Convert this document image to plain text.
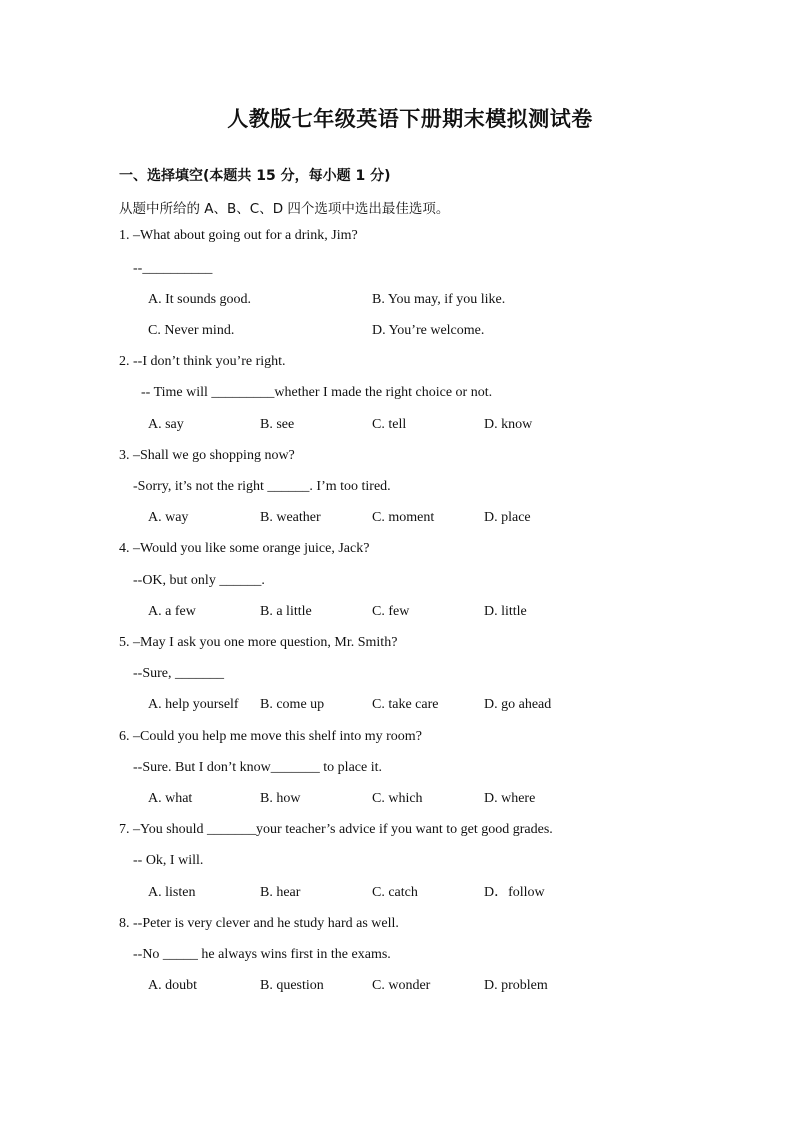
人教版七年级英语下册期末模拟测试卷
一、选择填空(本题共 15 分，每小题 1 分)
从题中所给的 A、B、C、D 四个选项中选出最佳选项。
1. –What about going out for a drink, Jim?
--__________
A. It sounds good.	B. You may, if you like.
C. Never mind.	D. You’re welcome.
2. --I don’t think you’re right.
-- Time will _________whether I made the right choice or not.
A. say	B. see	C. tell	D. know
3. –Shall we go shopping now?
-Sorry, it’s not the right ______. I’m too tired.
A. way	B. weather	C. moment	D. place
4. –Would you like some orange juice, Jack?
--OK, but only ______.
A. a few	B. a little	C. few	D. little
5. –May I ask you one more question, Mr. Smith?
--Sure, _______
A. help yourself B. come up	C. take care	D. go ahead
6. –Could you help me move this shelf into my room?
--Sure. But I don’t know_______ to place it.
A. what	B. how	C. which	D. where
7. –You should _______your teacher’s advice if you want to get good grades.
-- Ok, I will.
A. listen	B. hear	C. catch	D．follow
8. --Peter is very clever and he study hard as well.
--No _____ he always wins first in the exams.
A. doubt	B. question	C. wonder	D. problem
